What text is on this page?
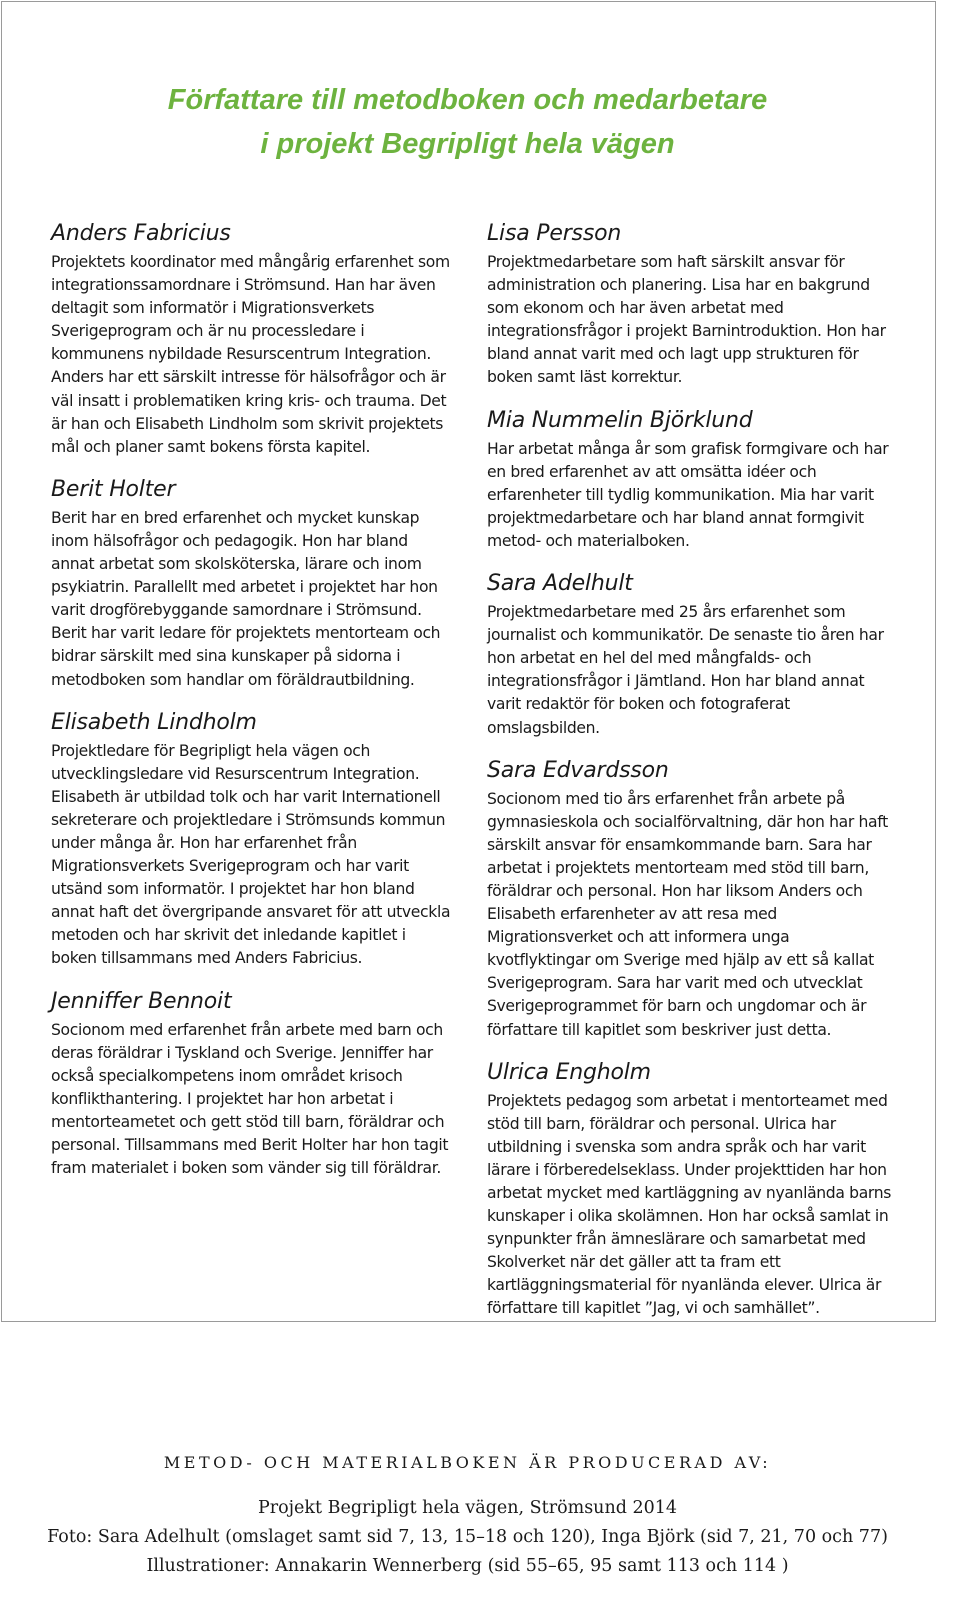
Författare till metodboken och medarbetare
i projekt Begripligt hela vägen
Anders Fabricius

Projektets koordinator med mångårig erfarenhet som integrationssamordnare i Strömsund. Han har även deltagit som informatör i Migrationsverkets Sverigeprogram och är nu processledare i kommunens nybildade Resurscentrum Integration. Anders har ett särskilt intresse för hälsofrågor och är väl insatt i problematiken kring kris- och trauma. Det är han och Elisabeth Lindholm som skrivit projektets mål och planer samt bokens första kapitel.

Berit Holter

Berit har en bred erfarenhet och mycket kunskap inom hälsofrågor och pedagogik. Hon har bland annat arbetat som skolsköterska, lärare och inom psykiatrin. Parallellt med arbetet i projektet har hon varit drogförebyggande samordnare i Strömsund. Berit har varit ledare för projektets mentorteam och bidrar särskilt med sina kunskaper på sidorna i metodboken som handlar om föräldrautbildning.

Elisabeth Lindholm

Projektledare för Begripligt hela vägen och utvecklingsledare vid Resurscentrum Integration. Elisabeth är utbildad tolk och har varit Internationell sekreterare och projektledare i Strömsunds kommun under många år. Hon har erfarenhet från Migrationsverkets Sverigeprogram och har varit utsänd som informatör. I projektet har hon bland annat haft det övergripande ansvaret för att utveckla metoden och har skrivit det inledande kapitlet i boken tillsammans med Anders Fabricius.

Jenniffer Bennoit

Socionom med erfarenhet från arbete med barn och deras föräldrar i Tyskland och Sverige. Jenniffer har också specialkompetens inom området krisoch konflikthantering. I projektet har hon arbetat i mentorteametet och gett stöd till barn, föräldrar och personal. Tillsammans med Berit Holter har hon tagit fram materialet i boken som vänder sig till föräldrar.

Lisa Persson

Projektmedarbetare som haft särskilt ansvar för administration och planering. Lisa har en bakgrund som ekonom och har även arbetat med integrationsfrågor i projekt Barnintroduktion. Hon har bland annat varit med och lagt upp strukturen för boken samt läst korrektur.

Mia Nummelin Björklund

Har arbetat många år som grafisk formgivare och har en bred erfarenhet av att omsätta idéer och erfarenheter till tydlig kommunikation. Mia har varit projektmedarbetare och har bland annat formgivit metod- och materialboken.

Sara Adelhult

Projektmedarbetare med 25 års erfarenhet som journalist och kommunikatör. De senaste tio åren har hon arbetat en hel del med mångfalds- och integrationsfrågor i Jämtland. Hon har bland annat varit redaktör för boken och fotograferat omslagsbilden.

Sara Edvardsson

Socionom med tio års erfarenhet från arbete på gymnasieskola och socialförvaltning, där hon har haft särskilt ansvar för ensamkommande barn. Sara har arbetat i projektets mentorteam med stöd till barn, föräldrar och personal. Hon har liksom Anders och Elisabeth erfarenheter av att resa med Migrationsverket och att informera unga kvotflyktingar om Sverige med hjälp av ett så kallat Sverigeprogram. Sara har varit med och utvecklat Sverigeprogrammet för barn och ungdomar och är författare till kapitlet som beskriver just detta.

Ulrica Engholm

Projektets pedagog som arbetat i mentorteamet med stöd till barn, föräldrar och personal. Ulrica har utbildning i svenska som andra språk och har varit lärare i förberedelseklass. Under projekttiden har hon arbetat mycket med kartläggning av nyanlända barns kunskaper i olika skolämnen. Hon har också samlat in synpunkter från ämneslärare och samarbetat med Skolverket när det gäller att ta fram ett kartläggningsmaterial för nyanlända elever. Ulrica är författare till kapitlet ”Jag, vi och samhället”.

METOD- OCH MATERIALBOKEN ÄR PRODUCERAD AV:

Projekt Begripligt hela vägen, Strömsund 2014

Foto: Sara Adelhult (omslaget samt sid 7, 13, 15–18 och 120), Inga Björk (sid 7, 21, 70 och 77)

Illustrationer: Annakarin Wennerberg (sid 55–65, 95 samt 113 och 114 )
